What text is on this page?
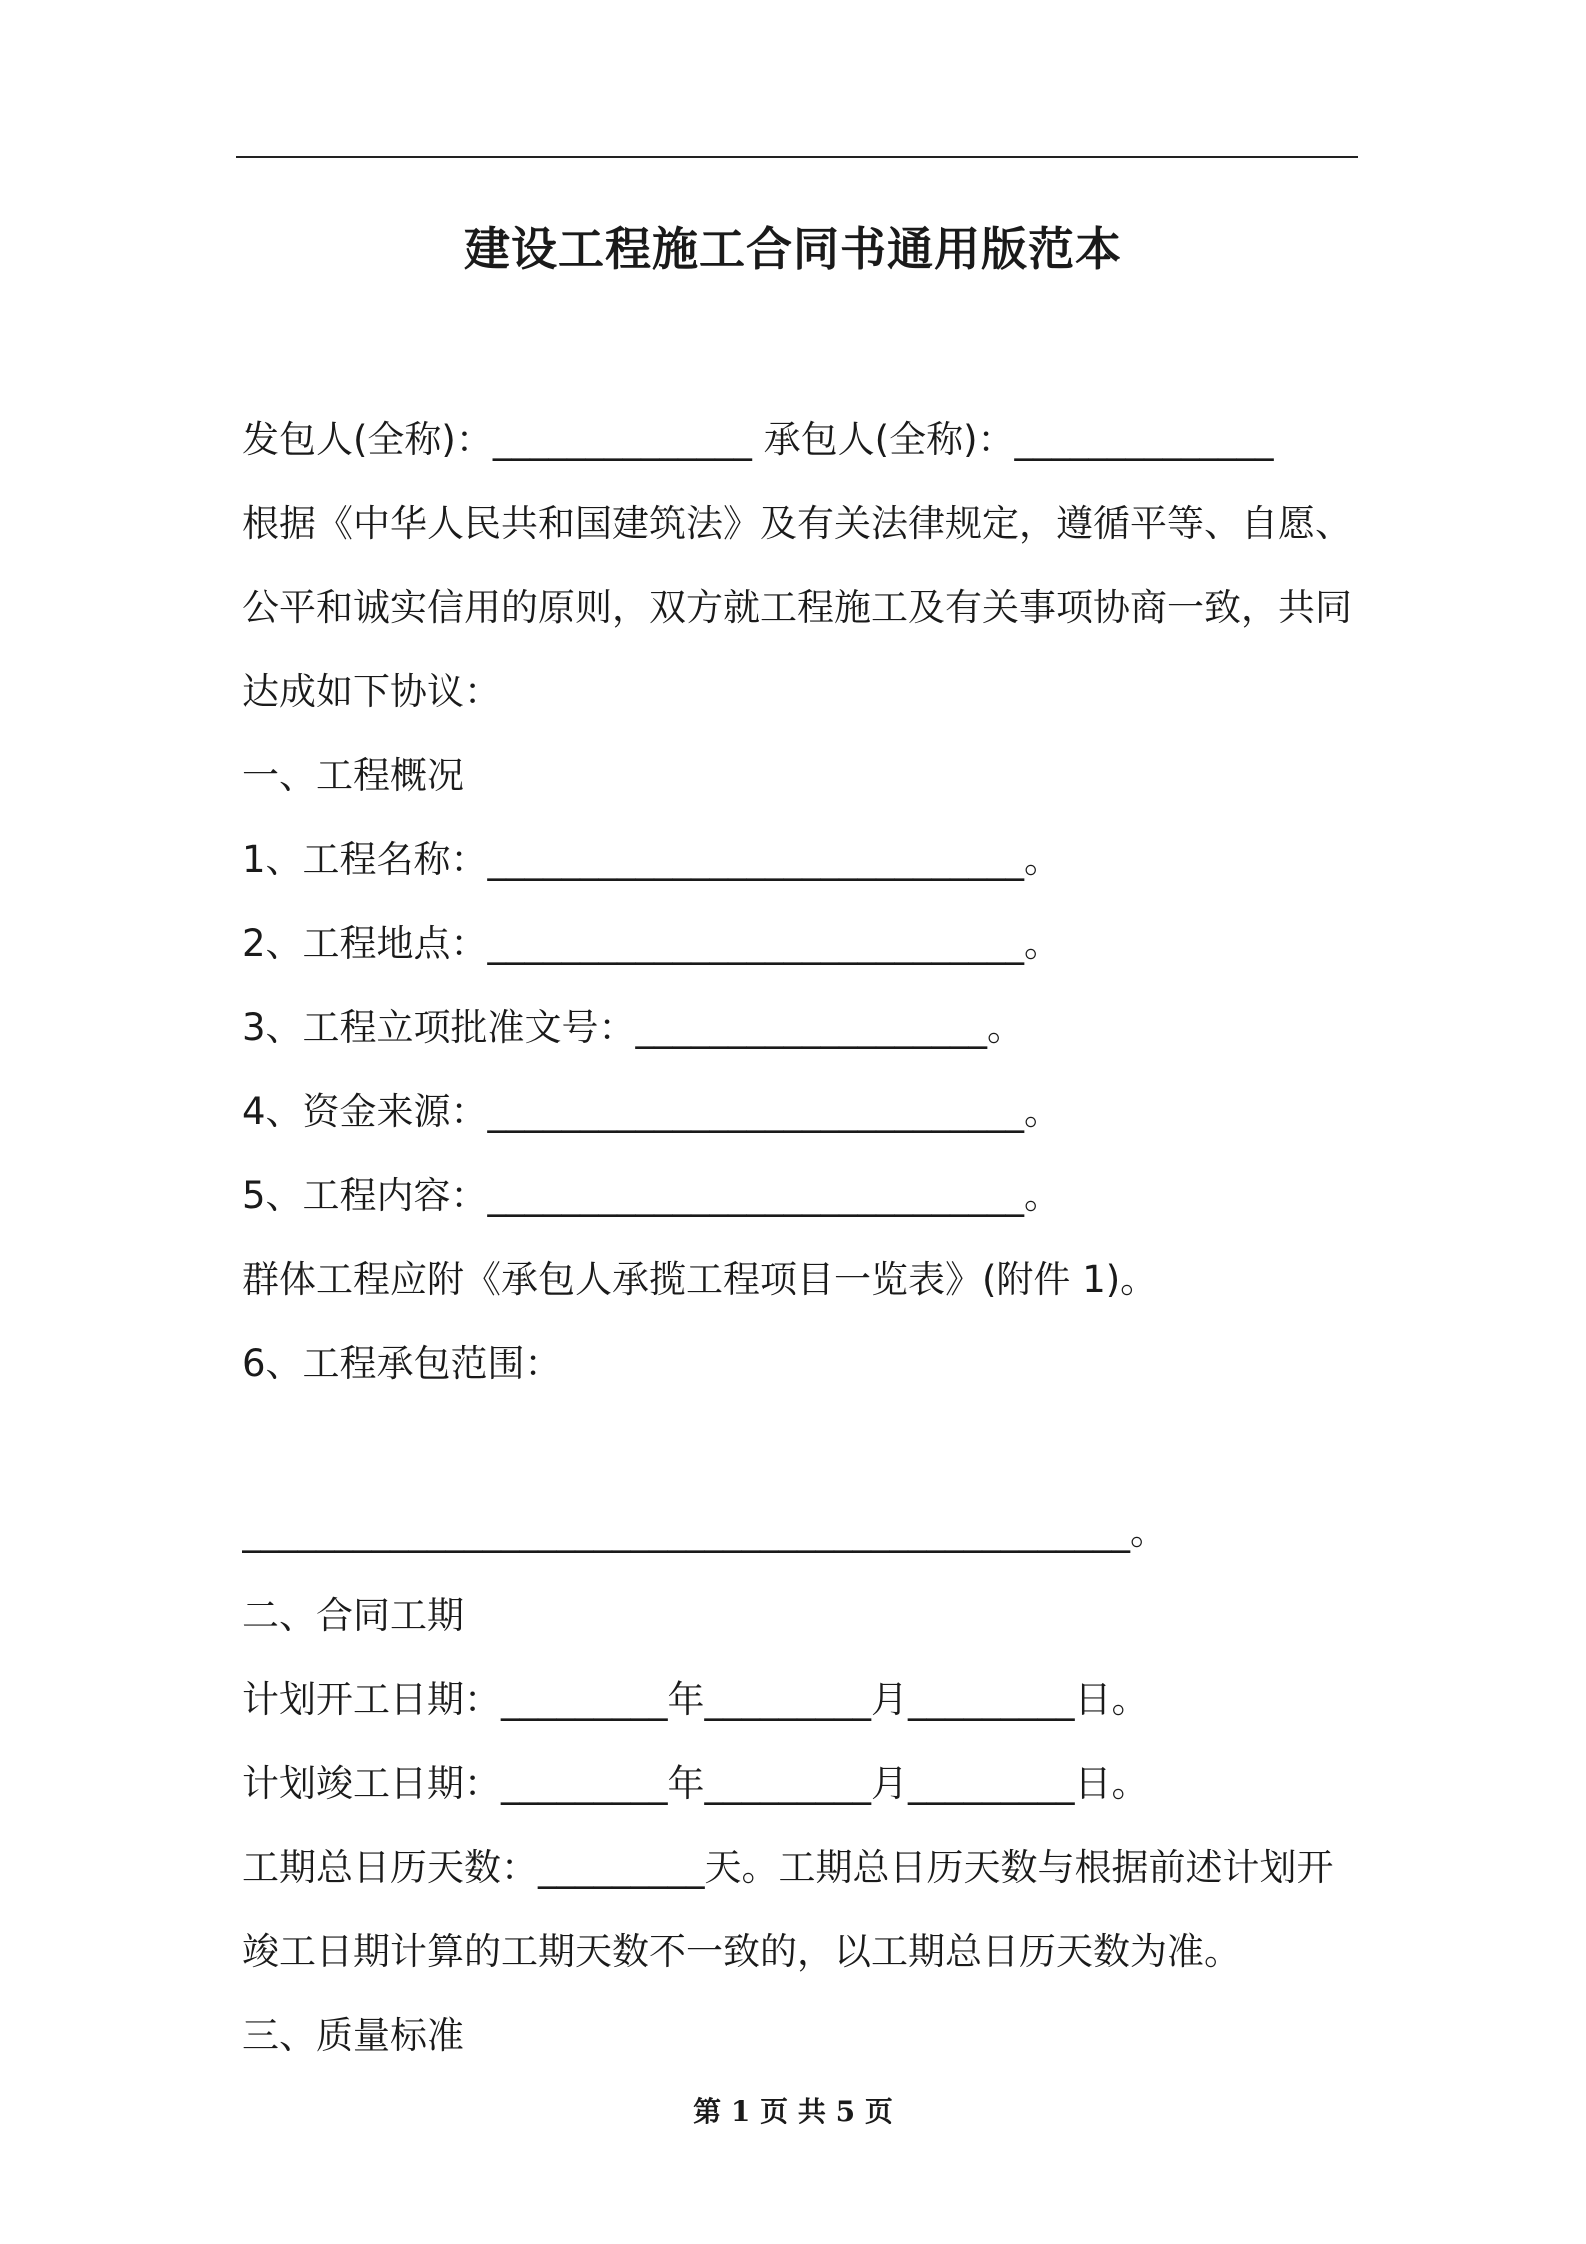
建设工程施工合同书通用版范本
发包人(全称)：______________ 承包人(全称)：______________
根据《中华人民共和国建筑法》及有关法律规定，遵循平等、自愿、
公平和诚实信用的原则，双方就工程施工及有关事项协商一致，共同
达成如下协议：
一、工程概况
1、工程名称：_____________________________。
2、工程地点：_____________________________。
3、工程立项批准文号：___________________。
4、资金来源：_____________________________。
5、工程内容：_____________________________。
群体工程应附《承包人承揽工程项目一览表》(附件 1)。
6、工程承包范围：
________________________________________________。
二、合同工期
计划开工日期：_________年_________月_________日。
计划竣工日期：_________年_________月_________日。
工期总日历天数：_________天。工期总日历天数与根据前述计划开
竣工日期计算的工期天数不一致的，以工期总日历天数为准。
三、质量标准
第 1 页 共 5 页
